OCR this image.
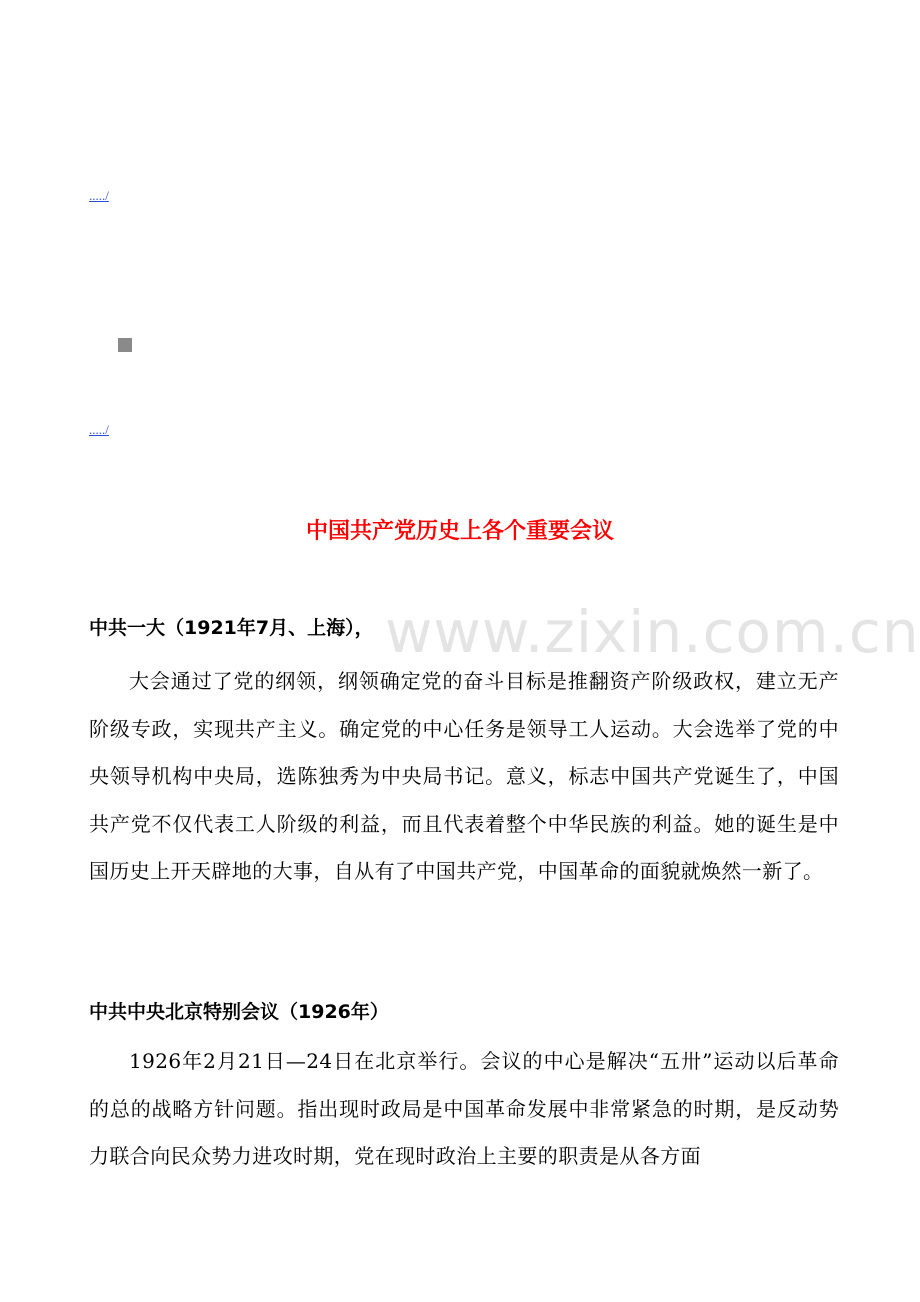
...../
...../
www.zixin.com.cn
中国共产党历史上各个重要会议

中共一大（1921年7月、上海），

大会通过了党的纲领，纲领确定党的奋斗目标是推翻资产阶级政权，建立无产阶级专政，实现共产主义。确定党的中心任务是领导工人运动。大会选举了党的中央领导机构中央局，选陈独秀为中央局书记。意义，标志中国共产党诞生了，中国共产党不仅代表工人阶级的利益，而且代表着整个中华民族的利益。她的诞生是中国历史上开天辟地的大事，自从有了中国共产党，中国革命的面貌就焕然一新了。

中共中央北京特别会议（1926年）

1926年2月21日—24日在北京举行。会议的中心是解决“五卅”运动以后革命的总的战略方针问题。指出现时政局是中国革命发展中非常紧急的时期，是反动势力联合向民众势力进攻时期，党在现时政治上主要的职责是从各方面
